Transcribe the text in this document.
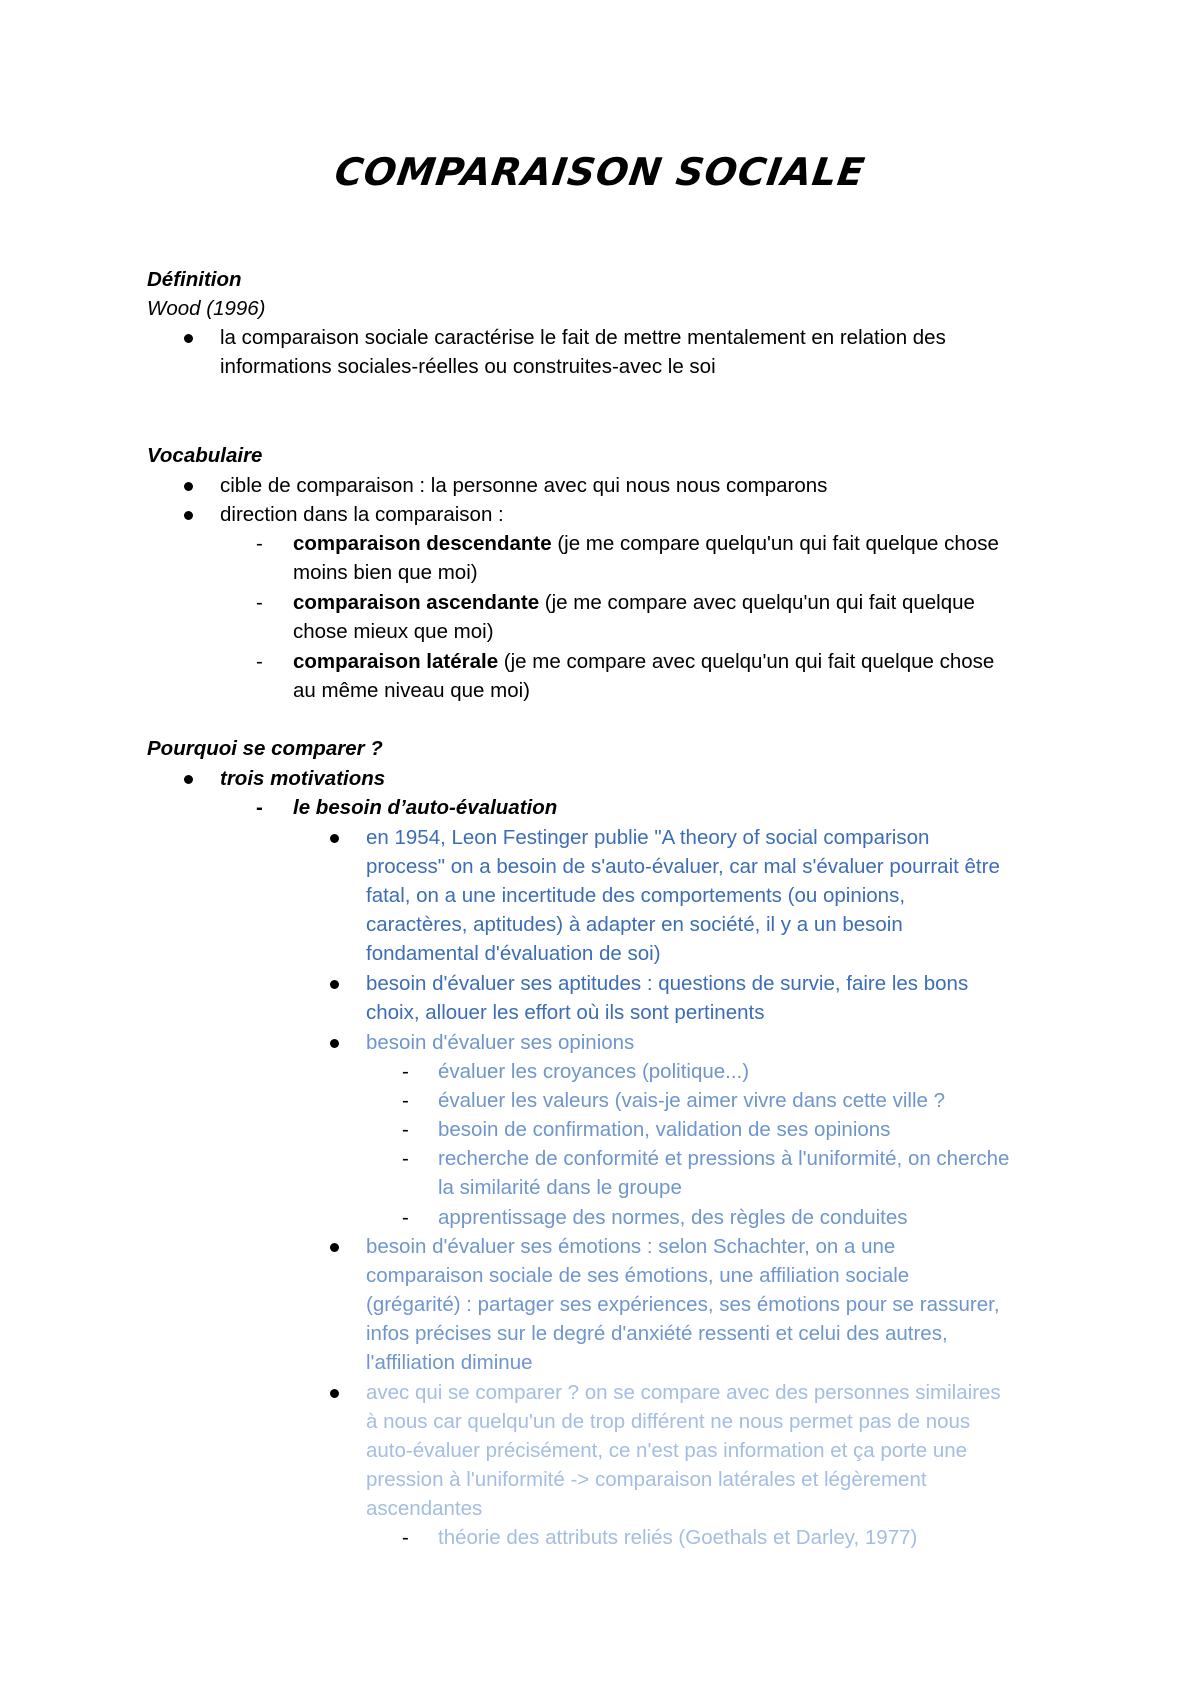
COMPARAISON SOCIALE
Définition
Wood (1996)
la comparaison sociale caractérise le fait de mettre mentalement en relation des
informations sociales-réelles ou construites-avec le soi
Vocabulaire
cible de comparaison : la personne avec qui nous nous comparons
direction dans la comparaison :
- comparaison descendante (je me compare quelqu'un qui fait quelque chose
moins bien que moi)
- comparaison ascendante (je me compare avec quelqu'un qui fait quelque
chose mieux que moi)
- comparaison latérale (je me compare avec quelqu'un qui fait quelque chose
au même niveau que moi)
Pourquoi se comparer ?
trois motivations
- le besoin d’auto-évaluation
en 1954, Leon Festinger publie "A theory of social comparison
process" on a besoin de s'auto-évaluer, car mal s'évaluer pourrait être
fatal, on a une incertitude des comportements (ou opinions,
caractères, aptitudes) à adapter en société, il y a un besoin
fondamental d'évaluation de soi)
besoin d'évaluer ses aptitudes : questions de survie, faire les bons
choix, allouer les effort où ils sont pertinents
besoin d'évaluer ses opinions
- évaluer les croyances (politique...)
- évaluer les valeurs (vais-je aimer vivre dans cette ville ?
- besoin de confirmation, validation de ses opinions
- recherche de conformité et pressions à l'uniformité, on cherche
la similarité dans le groupe
- apprentissage des normes, des règles de conduites
besoin d'évaluer ses émotions : selon Schachter, on a une
comparaison sociale de ses émotions, une affiliation sociale
(grégarité) : partager ses expériences, ses émotions pour se rassurer,
infos précises sur le degré d'anxiété ressenti et celui des autres,
l'affiliation diminue
avec qui se comparer ? on se compare avec des personnes similaires
à nous car quelqu'un de trop différent ne nous permet pas de nous
auto-évaluer précisément, ce n'est pas information et ça porte une
pression à l'uniformité -> comparaison latérales et légèrement
ascendantes
- théorie des attributs reliés (Goethals et Darley, 1977)
